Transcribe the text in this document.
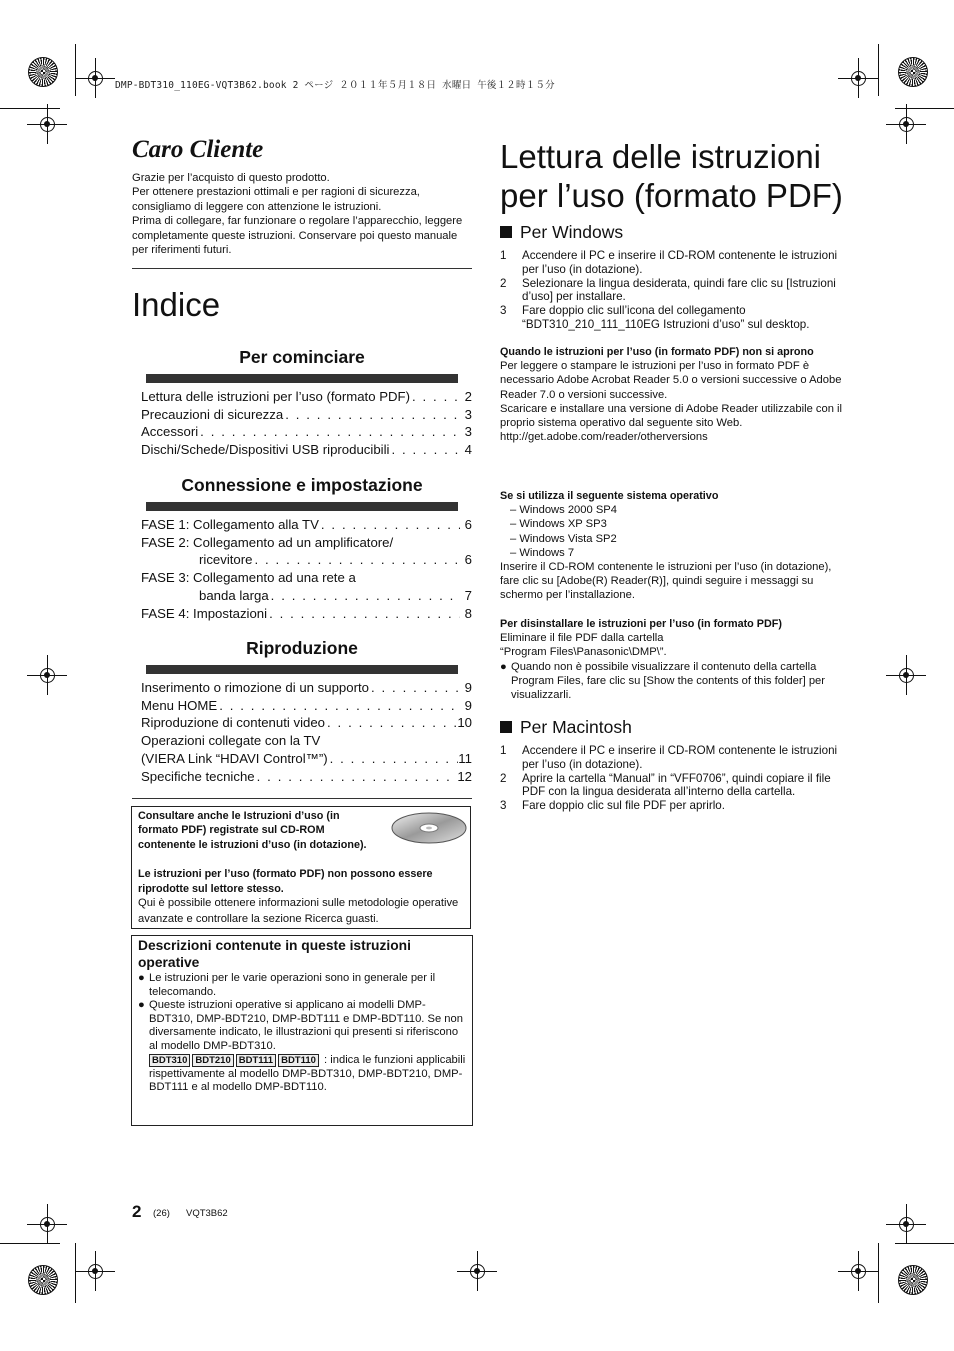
DMP-BDT310_110EG-VQT3B62.book 2 ページ ２０１１年５月１８日 水曜日 午後１２時１５分
Caro Cliente
Grazie per l’acquisto di questo prodotto.
Per ottenere prestazioni ottimali e per ragioni di sicurezza, consigliamo di leggere con attenzione le istruzioni.
Prima di collegare, far funzionare o regolare l’apparecchio, leggere completamente queste istruzioni. Conservare poi questo manuale per riferimenti futuri.
Indice
Per cominciare
Lettura delle istruzioni per l’uso (formato PDF) . . .	2
Precauzioni di sicurezza . . .	3
Accessori . . .	3
Dischi/Schede/Dispositivi USB riproducibili . . .	4
Connessione e impostazione
FASE 1: Collegamento alla TV . . .	6
FASE 2: Collegamento ad un amplificatore/
ricevitore . . .	6
FASE 3: Collegamento ad una rete a
banda larga . . .	7
FASE 4: Impostazioni . . .	8
Riproduzione
Inserimento o rimozione di un supporto . . .	9
Menu HOME . . .	9
Riproduzione di contenuti video . . .	10
Operazioni collegate con la TV
(VIERA Link “HDAVI Control™”) . . .	11
Specifiche tecniche . . .	12
Consultare anche le Istruzioni d’uso (in formato PDF) registrate sul CD-ROM contenente le istruzioni d’uso (in dotazione).
Le istruzioni per l’uso (formato PDF) non possono essere riprodotte sul lettore stesso.
Qui è possibile ottenere informazioni sulle metodologie operative avanzate e controllare la sezione Ricerca guasti.
Descrizioni contenute in queste istruzioni operative
● Le istruzioni per le varie operazioni sono in generale per il telecomando.
● Queste istruzioni operative si applicano ai modelli DMP-BDT310, DMP-BDT210, DMP-BDT111 e DMP-BDT110. Se non diversamente indicato, le illustrazioni qui presenti si riferiscono al modello DMP-BDT310.
BDT310 BDT210 BDT111 BDT110 : indica le funzioni applicabili rispettivamente al modello DMP-BDT310, DMP-BDT210, DMP-BDT111 e al modello DMP-BDT110.
2 (26) VQT3B62
Lettura delle istruzioni per l’uso (formato PDF)
Per Windows
1 Accendere il PC e inserire il CD-ROM contenente le istruzioni per l’uso (in dotazione).
2 Selezionare la lingua desiderata, quindi fare clic su [Istruzioni d’uso] per installare.
3 Fare doppio clic sull’icona del collegamento “BDT310_210_111_110EG Istruzioni d’uso” sul desktop.
Quando le istruzioni per l’uso (in formato PDF) non si aprono
Per leggere o stampare le istruzioni per l’uso in formato PDF è necessario Adobe Acrobat Reader 5.0 o versioni successive o Adobe Reader 7.0 o versioni successive.
Scaricare e installare una versione di Adobe Reader utilizzabile con il proprio sistema operativo dal seguente sito Web.
http://get.adobe.com/reader/otherversions
Se si utilizza il seguente sistema operativo
– Windows 2000 SP4
– Windows XP SP3
– Windows Vista SP2
– Windows 7
Inserire il CD-ROM contenente le istruzioni per l’uso (in dotazione), fare clic su [Adobe(R) Reader(R)], quindi seguire i messaggi su schermo per l’installazione.
Per disinstallare le istruzioni per l’uso (in formato PDF)
Eliminare il file PDF dalla cartella
“Program Files\Panasonic\DMP\”.
● Quando non è possibile visualizzare il contenuto della cartella Program Files, fare clic su [Show the contents of this folder] per visualizzarli.
Per Macintosh
1 Accendere il PC e inserire il CD-ROM contenente le istruzioni per l’uso (in dotazione).
2 Aprire la cartella “Manual” in “VFF0706”, quindi copiare il file PDF con la lingua desiderata all’interno della cartella.
3 Fare doppio clic sul file PDF per aprirlo.
